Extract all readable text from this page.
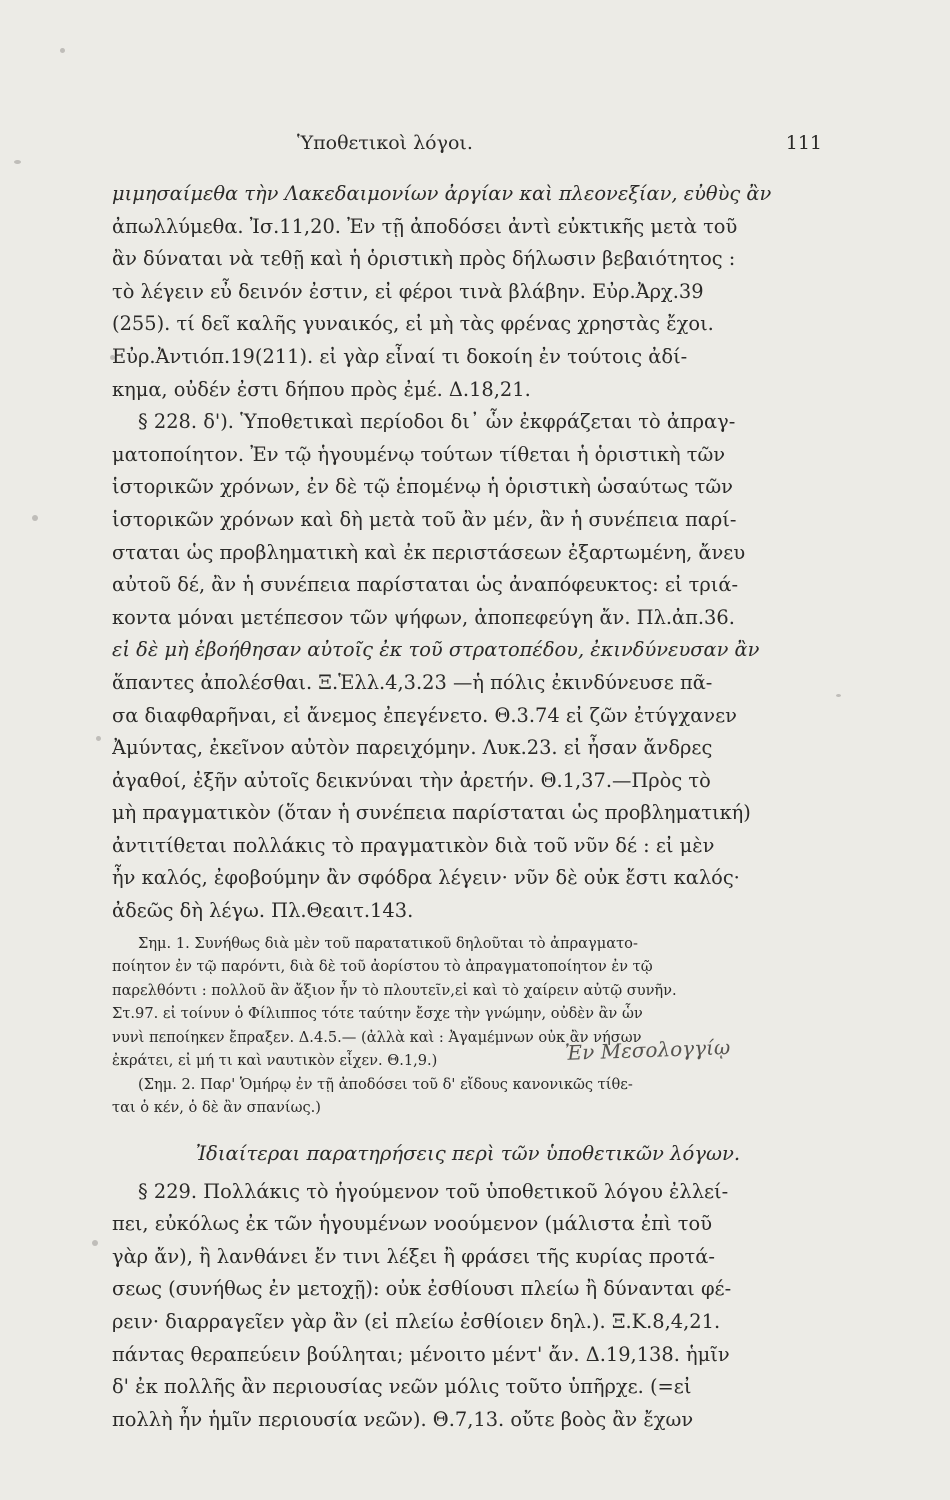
Ὑποθετικοὶ λόγοι.	111
μιμησαίμεθα τὴν Λακεδαιμονίων ἀργίαν καὶ πλεονεξίαν, εὐθὺς ἂν
ἀπωλλύμεθα. Ἰσ.11,20. Ἐν τῇ ἀποδόσει ἀντὶ εὐκτικῆς μετὰ τοῦ
ἂν δύναται νὰ τεθῇ καὶ ἡ ὁριστικὴ πρὸς δήλωσιν βεβαιότητος :
τὸ λέγειν εὖ δεινόν ἐστιν, εἰ φέροι τινὰ βλάβην. Εὐρ.Ἀρχ.39
(255). τί δεῖ καλῆς γυναικός, εἰ μὴ τὰς φρένας χρηστὰς ἔχοι.
Εὐρ.Ἀντιόπ.19(211). εἰ γὰρ εἶναί τι δοκοίη ἐν τούτοις ἀδί-
κημα, οὐδέν ἐστι δήπου πρὸς ἐμέ. Δ.18,21.
§ 228. δ'). Ὑποθετικαὶ περίοδοι δι᾿ ὧν ἐκφράζεται τὸ ἀπραγ-
ματοποίητον. Ἐν τῷ ἡγουμένῳ τούτων τίθεται ἡ ὁριστικὴ τῶν
ἱστορικῶν χρόνων, ἐν δὲ τῷ ἑπομένῳ ἡ ὁριστικὴ ὡσαύτως τῶν
ἱστορικῶν χρόνων καὶ δὴ μετὰ τοῦ ἂν μέν, ἂν ἡ συνέπεια παρί-
σταται ὡς προβληματικὴ καὶ ἐκ περιστάσεων ἐξαρτωμένη, ἄνευ
αὐτοῦ δέ, ἂν ἡ συνέπεια παρίσταται ὡς ἀναπόφευκτος: εἰ τριά-
κοντα μόναι μετέπεσον τῶν ψήφων, ἀποπεφεύγη ἄν. Πλ.ἀπ.36.
εἰ δὲ μὴ ἐβοήθησαν αὐτοῖς ἐκ τοῦ στρατοπέδου, ἐκινδύνευσαν ἂν
ἅπαντες ἀπολέσθαι. Ξ.Ἑλλ.4,3.23 —ἡ πόλις ἐκινδύνευσε πᾶ-
σα διαφθαρῆναι, εἰ ἄνεμος ἐπεγένετο. Θ.3.74 εἰ ζῶν ἐτύγχανεν
Ἀμύντας, ἐκεῖνον αὐτὸν παρειχόμην. Λυκ.23. εἰ ἦσαν ἄνδρες
ἀγαθοί, ἐξῆν αὐτοῖς δεικνύναι τὴν ἀρετήν. Θ.1,37.—Πρὸς τὸ
μὴ πραγματικὸν (ὅταν ἡ συνέπεια παρίσταται ὡς προβληματική)
ἀντιτίθεται πολλάκις τὸ πραγματικὸν διὰ τοῦ νῦν δέ : εἰ μὲν
ἦν καλός, ἐφοβούμην ἂν σφόδρα λέγειν· νῦν δὲ οὐκ ἔστι καλός·
ἀδεῶς δὴ λέγω. Πλ.Θεαιτ.143.
Σημ. 1. Συνήθως διὰ μὲν τοῦ παρατατικοῦ δηλοῦται τὸ ἀπραγματο-
ποίητον ἐν τῷ παρόντι, διὰ δὲ τοῦ ἀορίστου τὸ ἀπραγματοποίητον ἐν τῷ
παρελθόντι : πολλοῦ ἂν ἄξιον ἦν τὸ πλουτεῖν,εἰ καὶ τὸ χαίρειν αὐτῷ συνῆν.
Στ.97. εἰ τοίνυν ὁ Φίλιππος τότε ταύτην ἔσχε τὴν γνώμην, οὐδὲν ἂν ὧν
νυνὶ πεποίηκεν ἔπραξεν. Δ.4.5.— (ἀλλὰ καὶ : Ἀγαμέμνων οὐκ ἂν νήσων
ἐκράτει, εἰ μή τι καὶ ναυτικὸν εἶχεν. Θ.1,9.)
(Σημ. 2. Παρ' Ὁμήρῳ ἐν τῇ ἀποδόσει τοῦ δ' εἴδους κανονικῶς τίθε-
ται ὁ κέν, ὁ δὲ ἂν σπανίως.)
Ἰδιαίτεραι παρατηρήσεις περὶ τῶν ὑποθετικῶν λόγων.
§ 229. Πολλάκις τὸ ἡγούμενον τοῦ ὑποθετικοῦ λόγου ἐλλεί-
πει, εὐκόλως ἐκ τῶν ἡγουμένων νοούμενον (μάλιστα ἐπὶ τοῦ
γὰρ ἄν), ἢ λανθάνει ἔν τινι λέξει ἢ φράσει τῆς κυρίας προτά-
σεως (συνήθως ἐν μετοχῇ): οὐκ ἐσθίουσι πλείω ἢ δύνανται φέ-
ρειν· διαρραγεῖεν γὰρ ἂν (εἰ πλείω ἐσθίοιεν δηλ.). Ξ.Κ.8,4,21.
πάντας θεραπεύειν βούληται; μένοιτο μέντ' ἄν. Δ.19,138. ἡμῖν
δ' ἐκ πολλῆς ἂν περιουσίας νεῶν μόλις τοῦτο ὑπῆρχε. (=εἰ
πολλὴ ἦν ἡμῖν περιουσία νεῶν). Θ.7,13. οὔτε βοὸς ἂν ἔχων
Ἐν Μεσολογγίῳ
